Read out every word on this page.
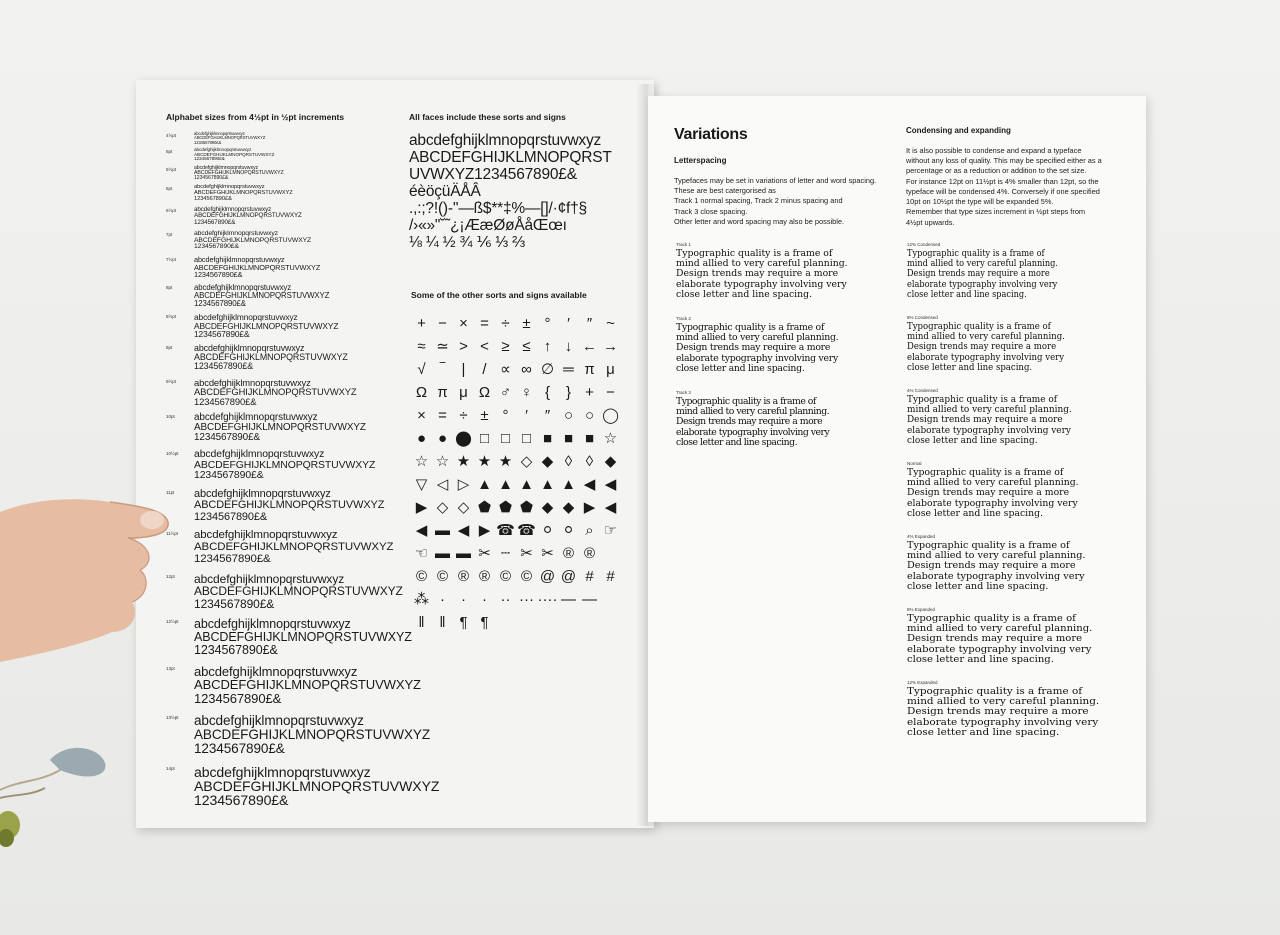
Alphabet sizes from 4½pt in ½pt increments
4½pt	abcdefghijklmnopqrstuvwxyz
ABCDEFGHIJKLMNOPQRSTUVWXYZ
1234567890£&
5pt	abcdefghijklmnopqrstuvwxyz
ABCDEFGHIJKLMNOPQRSTUVWXYZ
1234567890£&
5½pt	abcdefghijklmnopqrstuvwxyz
ABCDEFGHIJKLMNOPQRSTUVWXYZ
1234567890£&
6pt	abcdefghijklmnopqrstuvwxyz
ABCDEFGHIJKLMNOPQRSTUVWXYZ
1234567890£&
6½pt	abcdefghijklmnopqrstuvwxyz
ABCDEFGHIJKLMNOPQRSTUVWXYZ
1234567890£&
7pt	abcdefghijklmnopqrstuvwxyz
ABCDEFGHIJKLMNOPQRSTUVWXYZ
1234567890£&
7½pt	abcdefghijklmnopqrstuvwxyz
ABCDEFGHIJKLMNOPQRSTUVWXYZ
1234567890£&
8pt	abcdefghijklmnopqrstuvwxyz
ABCDEFGHIJKLMNOPQRSTUVWXYZ
1234567890£&
8½pt	abcdefghijklmnopqrstuvwxyz
ABCDEFGHIJKLMNOPQRSTUVWXYZ
1234567890£&
9pt	abcdefghijklmnopqrstuvwxyz
ABCDEFGHIJKLMNOPQRSTUVWXYZ
1234567890£&
9½pt	abcdefghijklmnopqrstuvwxyz
ABCDEFGHIJKLMNOPQRSTUVWXYZ
1234567890£&
10pt	abcdefghijklmnopqrstuvwxyz
ABCDEFGHIJKLMNOPQRSTUVWXYZ
1234567890£&
10½pt	abcdefghijklmnopqrstuvwxyz
ABCDEFGHIJKLMNOPQRSTUVWXYZ
1234567890£&
11pt	abcdefghijklmnopqrstuvwxyz
ABCDEFGHIJKLMNOPQRSTUVWXYZ
1234567890£&
11½pt	abcdefghijklmnopqrstuvwxyz
ABCDEFGHIJKLMNOPQRSTUVWXYZ
1234567890£&
12pt	abcdefghijklmnopqrstuvwxyz
ABCDEFGHIJKLMNOPQRSTUVWXYZ
1234567890£&
12½pt	abcdefghijklmnopqrstuvwxyz
ABCDEFGHIJKLMNOPQRSTUVWXYZ
1234567890£&
13pt	abcdefghijklmnopqrstuvwxyz
ABCDEFGHIJKLMNOPQRSTUVWXYZ
1234567890£&
13½pt	abcdefghijklmnopqrstuvwxyz
ABCDEFGHIJKLMNOPQRSTUVWXYZ
1234567890£&
14pt	abcdefghijklmnopqrstuvwxyz
ABCDEFGHIJKLMNOPQRSTUVWXYZ
1234567890£&
All faces include these sorts and signs
abcdefghijklmnopqrstuvwxyz
ABCDEFGHIJKLMNOPQRST
UVWXYZ1234567890£&
éèöçüÄÅÂ
.,:;?!()-''—ß$**‡%—[]/·¢f†§
/›«»"˘˜¿¡ÆæØøÅåŒœı
⅛ ¼ ½ ¾ ⅙ ⅓ ⅔
Some of the other sorts and signs available
+ − × = ÷ ± °	′	″ ~
≈ ≃ > < ≥ ≤ ↑ ↓ ← →
√ ‾	|	/ ∝ ∞ ∅ ═ π μ
Ω π μ Ω ♂ ♀ {	} + −
× = ÷ ± °	′	″ ○ ○ ◯
● ● ⬤ □ □ □ ■ ■ ■ ☆
☆ ☆ ★ ★ ★ ◇ ◆ ◊ ◊ ◆
▽ ◁ ▷ ▲ ▲ ▲ ▲ ▲ ◀ ◀
▶ ◇ ◇ ⬟ ⬟ ⬟ ◆ ◆ ▶ ◀
◀ ▬ ◀ ▶ ☎ ☎ ⚪ ⚪ ⌕ ☞
☜ ▬ ▬ ✂ ┄ ✂ ✂ ® ®
© © ® ® © © @ @ # #
⁂ ·	·	· ·· ··· ···· — —
‖ ‖ ¶ ¶
Variations
Letterspacing
Typefaces may be set in variations of letter and word spacing.
These are best catergorised as
Track 1 normal spacing, Track 2 minus spacing and
Track 3 close spacing.
Other letter and word spacing may also be possible.
Condensing and expanding
It is also possible to condense and expand a typeface
without any loss of quality. This may be specified either as a
percentage or as a reduction or addition to the set size.
For instance 12pt on 11½pt is 4% smaller than 12pt, so the
typeface will be condensed 4%. Conversely if one specified
10pt on 10½pt the type will be expanded 5%.
Remember that type sizes increment in ½pt steps from
4½pt upwards.
Track 1
Typographic quality is a frame of
mind allied to very careful planning.
Design trends may require a more
elaborate typography involving very
close letter and line spacing.
Track 2
Typographic quality is a frame of
mind allied to very careful planning.
Design trends may require a more
elaborate typography involving very
close letter and line spacing.
Track 3
Typographic quality is a frame of
mind allied to very careful planning.
Design trends may require a more
elaborate typography involving very
close letter and line spacing.
12% Condensed
Typographic quality is a frame of
mind allied to very careful planning.
Design trends may require a more
elaborate typography involving very
close letter and line spacing.
8% Condensed
Typographic quality is a frame of
mind allied to very careful planning.
Design trends may require a more
elaborate typography involving very
close letter and line spacing.
4% Condensed
Typographic quality is a frame of
mind allied to very careful planning.
Design trends may require a more
elaborate typography involving very
close letter and line spacing.
Normal
Typographic quality is a frame of
mind allied to very careful planning.
Design trends may require a more
elaborate typography involving very
close letter and line spacing.
4% Expanded
Typographic quality is a frame of
mind allied to very careful planning.
Design trends may require a more
elaborate typography involving very
close letter and line spacing.
8% Expanded
Typographic quality is a frame of
mind allied to very careful planning.
Design trends may require a more
elaborate typography involving very
close letter and line spacing.
12% Expanded
Typographic quality is a frame of
mind allied to very careful planning.
Design trends may require a more
elaborate typography involving very
close letter and line spacing.
